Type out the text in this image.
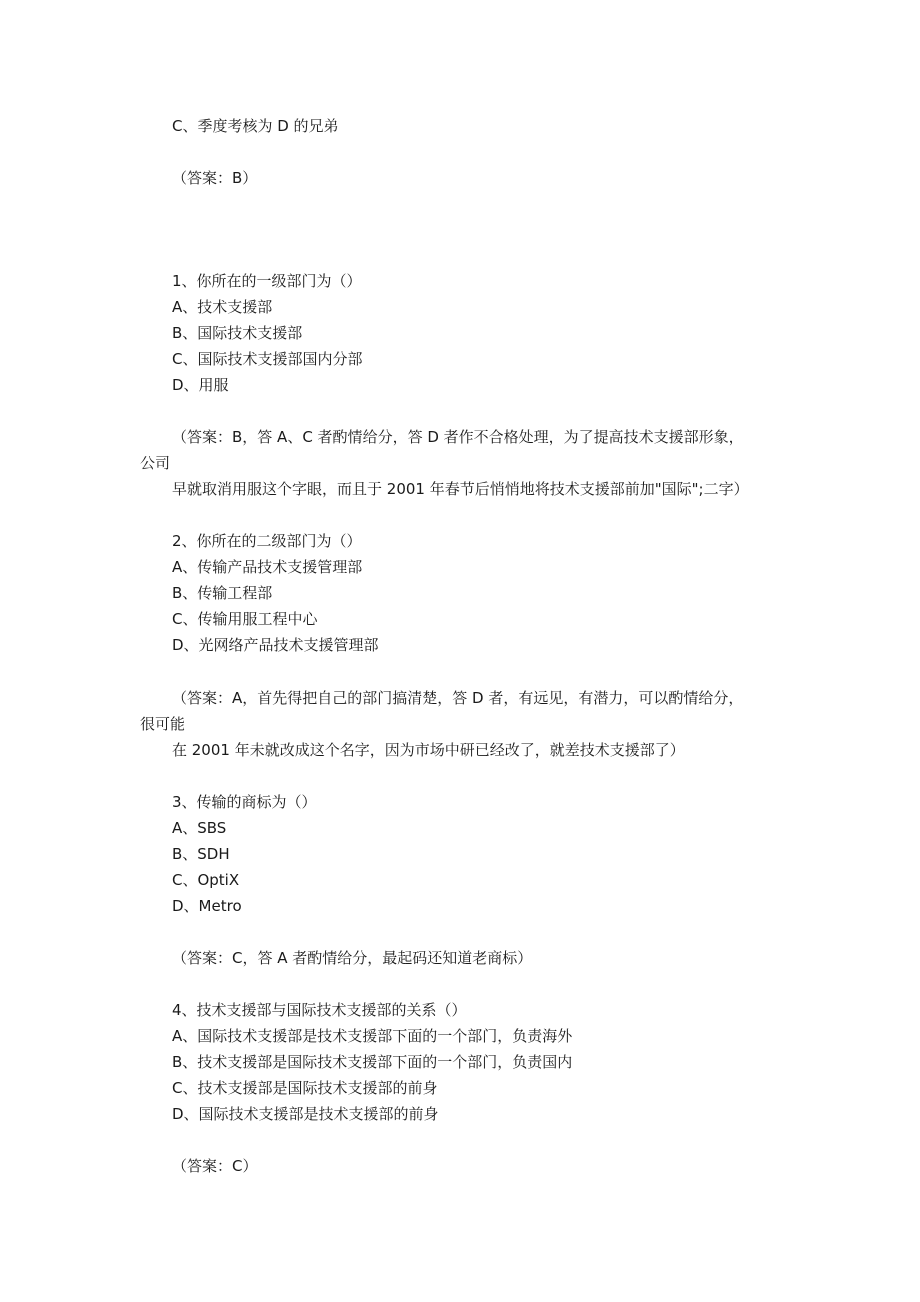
C、季度考核为 D 的兄弟

（答案：B）

1、你所在的一级部门为（）

A、技术支援部

B、国际技术支援部

C、国际技术支援部国内分部

D、用服

（答案：B，答 A、C 者酌情给分，答 D 者作不合格处理，为了提高技术支援部形象，

公司

早就取消用服这个字眼，而且于 2001 年春节后悄悄地将技术支援部前加"国际";二字）

2、你所在的二级部门为（）

A、传输产品技术支援管理部

B、传输工程部

C、传输用服工程中心

D、光网络产品技术支援管理部

（答案：A，首先得把自己的部门搞清楚，答 D 者，有远见，有潜力，可以酌情给分，

很可能

在 2001 年未就改成这个名字，因为市场中研已经改了，就差技术支援部了）

3、传输的商标为（）

A、SBS

B、SDH

C、OptiX

D、Metro

（答案：C，答 A 者酌情给分，最起码还知道老商标）

4、技术支援部与国际技术支援部的关系（）

A、国际技术支援部是技术支援部下面的一个部门，负责海外

B、技术支援部是国际技术支援部下面的一个部门，负责国内

C、技术支援部是国际技术支援部的前身

D、国际技术支援部是技术支援部的前身

（答案：C）
